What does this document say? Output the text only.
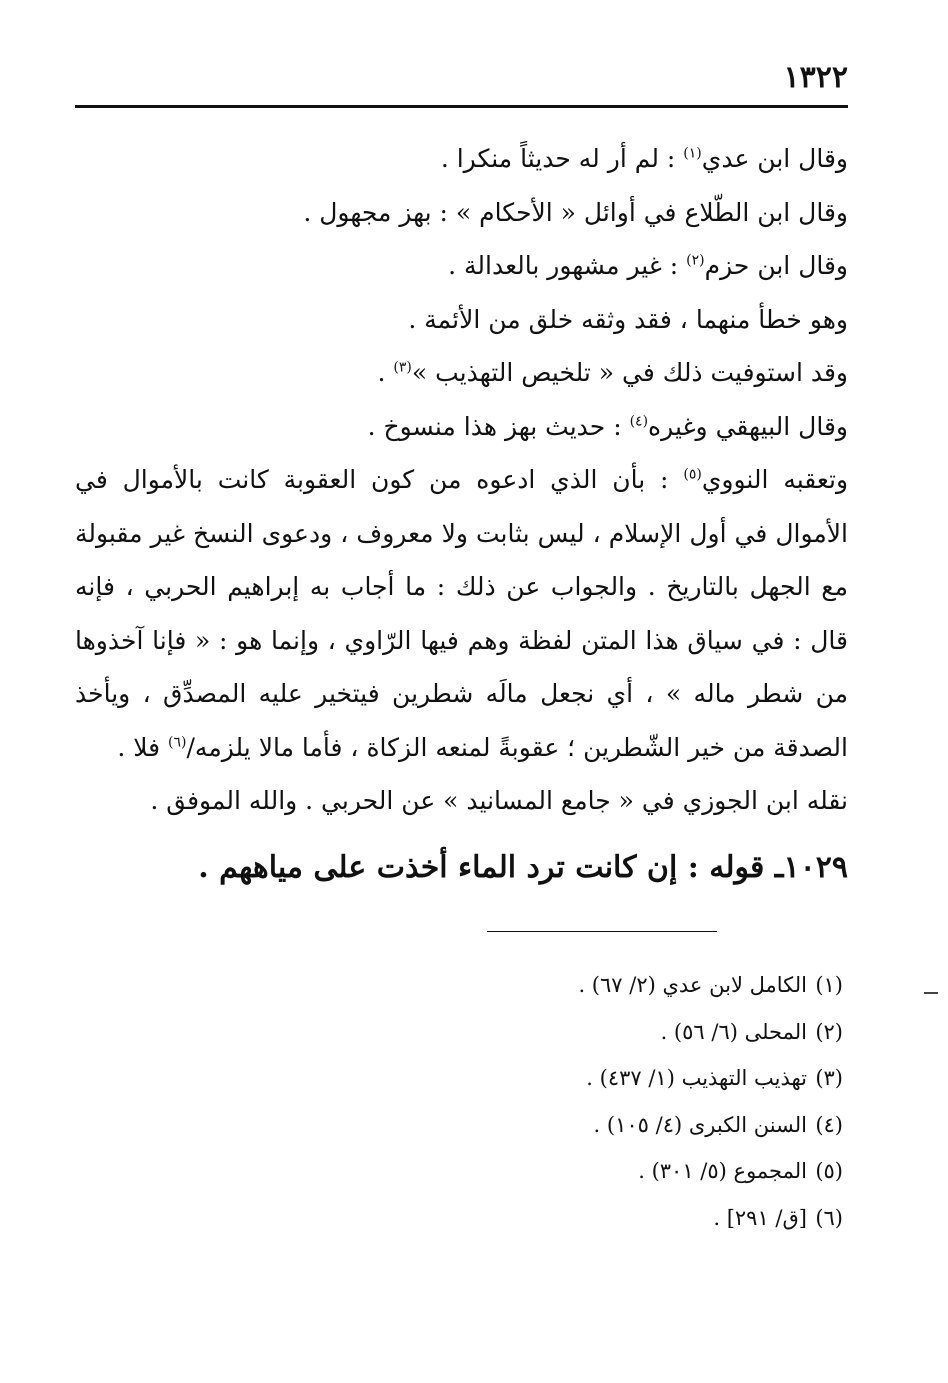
١٣٢٢

وقال ابن عدي$^{(١)}$ : لم أر له حديثاً منكرا .

وقال ابن الطّلاع في أوائل « الأحكام » : بهز مجهول .

وقال ابن حزم$^{(٢)}$ : غير مشهور بالعدالة .

وهو خطأ منهما ، فقد وثقه خلق من الأئمة .

وقد استوفيت ذلك في « تلخيص التهذيب »$^{(٣)}$ .

وقال البيهقي وغيره$^{(٤)}$ : حديث بهز هذا منسوخ .

وتعقبه النووي$^{(٥)}$ : بأن الذي ادعوه من كون العقوبة كانت بالأموال في الأموال في أول الإسلام ، ليس بثابت ولا معروف ، ودعوى النسخ غير مقبولة مع الجهل بالتاريخ . والجواب عن ذلك : ما أجاب به إبراهيم الحربي ، فإنه قال : في سياق هذا المتن لفظة وهم فيها الرّاوي ، وإنما هو : « فإنا آخذوها من شطر ماله » ، أي نجعل مالَه شطرين فيتخير عليه المصدِّق ، ويأخذ الصدقة من خير الشّطرين ؛ عقوبةً لمنعه الزكاة ، فأما مالا يلزمه/$^{(٦)}$ فلا .

نقله ابن الجوزي في « جامع المسانيد » عن الحربي . والله الموفق .

١٠٢٩ـ قوله : إن كانت ترد الماء أخذت على مياههم .

(١)الكامل لابن عدي (٢/ ٦٧) .

(٢)المحلى (٦/ ٥٦) .

(٣)تهذيب التهذيب (١/ ٤٣٧) .

(٤)السنن الكبرى (٤/ ١٠٥) .

(٥)المجموع (٥/ ٣٠١) .

(٦)[ق/ ٢٩١] .
